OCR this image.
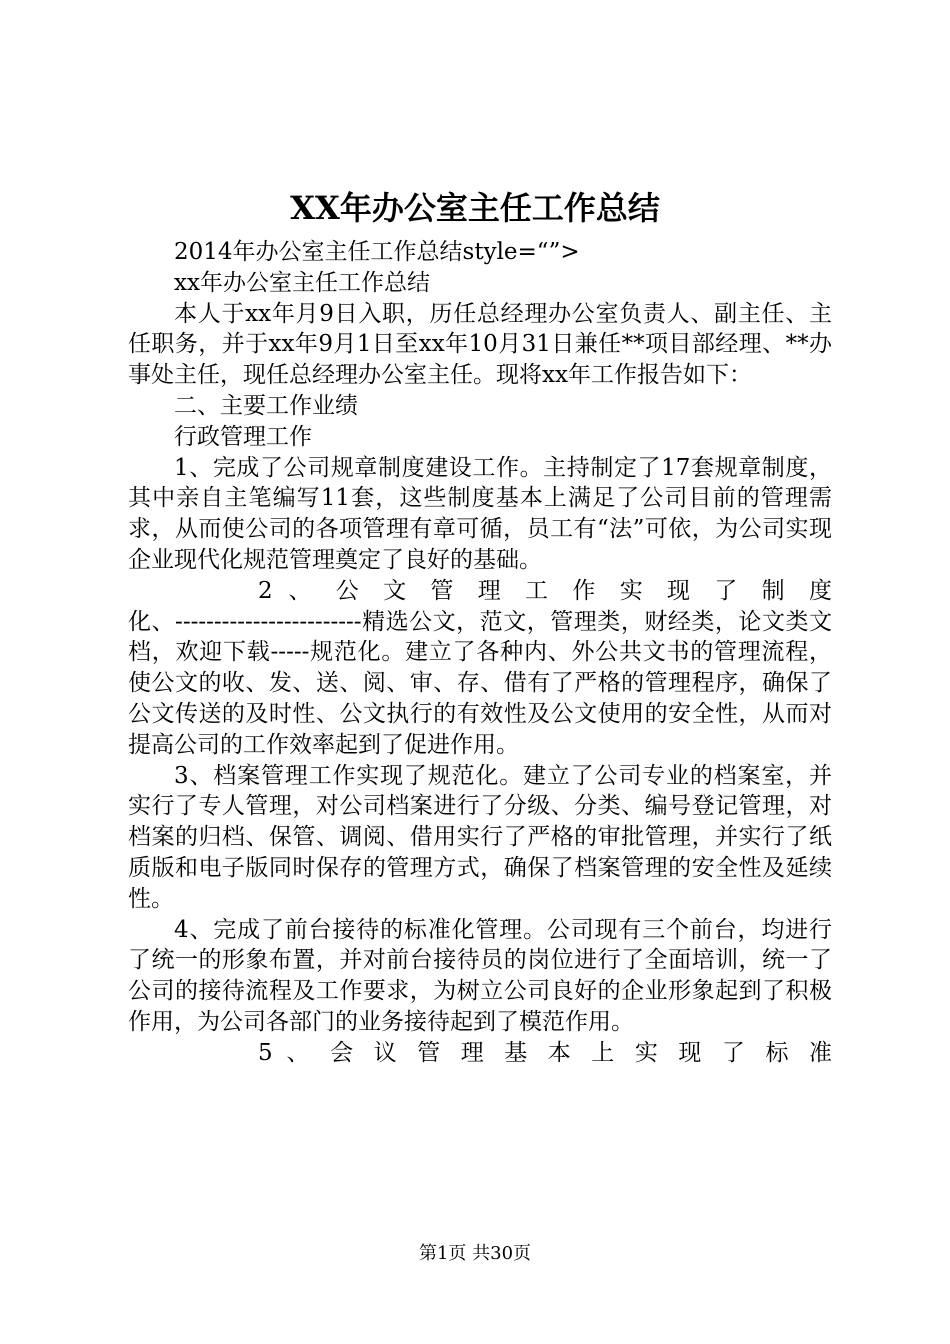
XX年办公室主任工作总结

2014年办公室主任工作总结style=“”>

xx年办公室主任工作总结

本人于xx年月9日入职，历任总经理办公室负责人、副主任、主任职务，并于xx年9月1日至xx年10月31日兼任**项目部经理、**办事处主任，现任总经理办公室主任。现将xx年工作报告如下：

二、主要工作业绩

行政管理工作

1、完成了公司规章制度建设工作。主持制定了17套规章制度，其中亲自主笔编写11套，这些制度基本上满足了公司目前的管理需求，从而使公司的各项管理有章可循，员工有“法”可依，为公司实现企业现代化规范管理奠定了良好的基础。

2 、 公 文 管 理 工 作 实 现 了 制 度

化、------------------------精选公文，范文，管理类，财经类，论文类文档，欢迎下载-----规范化。建立了各种内、外公共文书的管理流程，使公文的收、发、送、阅、审、存、借有了严格的管理程序，确保了公文传送的及时性、公文执行的有效性及公文使用的安全性，从而对提高公司的工作效率起到了促进作用。

3、档案管理工作实现了规范化。建立了公司专业的档案室，并实行了专人管理，对公司档案进行了分级、分类、编号登记管理，对档案的归档、保管、调阅、借用实行了严格的审批管理，并实行了纸质版和电子版同时保存的管理方式，确保了档案管理的安全性及延续性。

4、完成了前台接待的标准化管理。公司现有三个前台，均进行了统一的形象布置，并对前台接待员的岗位进行了全面培训，统一了公司的接待流程及工作要求，为树立公司良好的企业形象起到了积极作用，为公司各部门的业务接待起到了模范作用。

5 、 会 议 管 理 基 本 上 实 现 了 标 准

第1页 共30页
